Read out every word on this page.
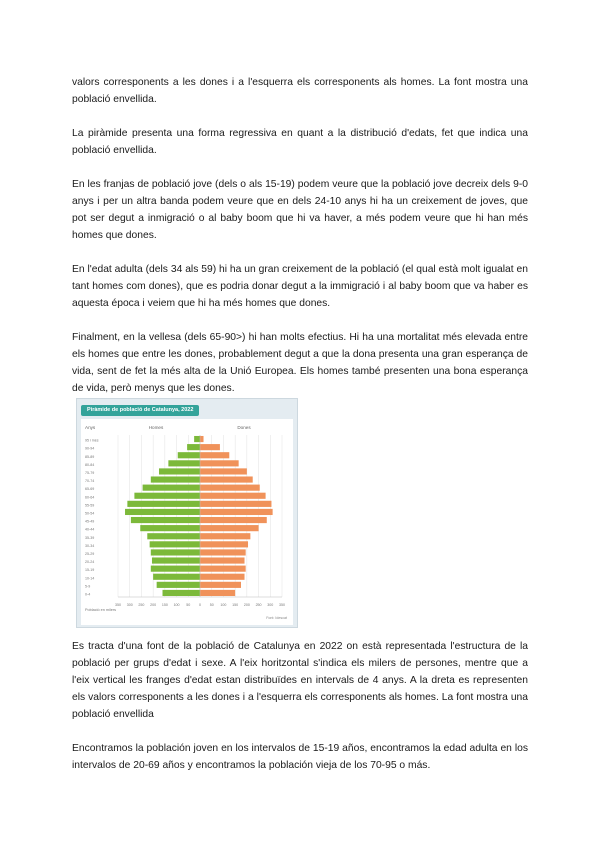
valors corresponents a les dones i a l'esquerra els corresponents als homes. La font mostra una població envellida.

La piràmide presenta una forma regressiva en quant a la distribució d'edats, fet que indica una població envellida.

En les franjas de població jove (dels o als 15-19) podem veure que la població jove decreix dels 9-0 anys i per un altra banda podem veure que en dels 24-10 anys hi ha un creixement de joves, que pot ser degut a inmigració o al baby boom que hi va haver, a més podem veure que hi han més homes que dones.

En l'edat adulta (dels 34 als 59) hi ha un gran creixement de la població (el qual està molt igualat en tant homes com dones), que es podria donar degut a la immigració i al baby boom que va haber es aquesta época i veiem que hi ha més homes que dones.

Finalment, en la vellesa (dels 65-90>) hi han molts efectius. Hi ha una mortalitat més elevada entre els homes que entre les dones, probablement degut a que la dona presenta una gran esperança de vida, sent de fet la més alta de la Unió Europea. Els homes també presenten una bona esperança de vida, però menys que les dones.

Piràmide de població de Catalunya, 2022
350 300 250 200 150 100 50 0 50 100 150 200 250 300 350
Anys	Homes	Dones
0-4
5-9
10-14
15-19
20-24
25-29
30-34
35-39
40-44
45-49
50-54
55-59
60-64
65-69
70-74
75-79
80-84
85-89
90-94
95 i més
Població en milers
Font: Idescat

Es tracta d'una font de la població de Catalunya en 2022 on està representada l'estructura de la població per grups d'edat i sexe. A l'eix horitzontal s'indica els milers de persones, mentre que a l'eix vertical les franges d'edat estan distribuïdes en intervals de 4 anys. A la dreta es representen els valors corresponents a les dones i a l'esquerra els corresponents als homes. La font mostra una població envellida

Encontramos la población joven en los intervalos de 15-19 años, encontramos la edad adulta en los intervalos de 20-69 años y encontramos la población vieja de los 70-95 o más.
